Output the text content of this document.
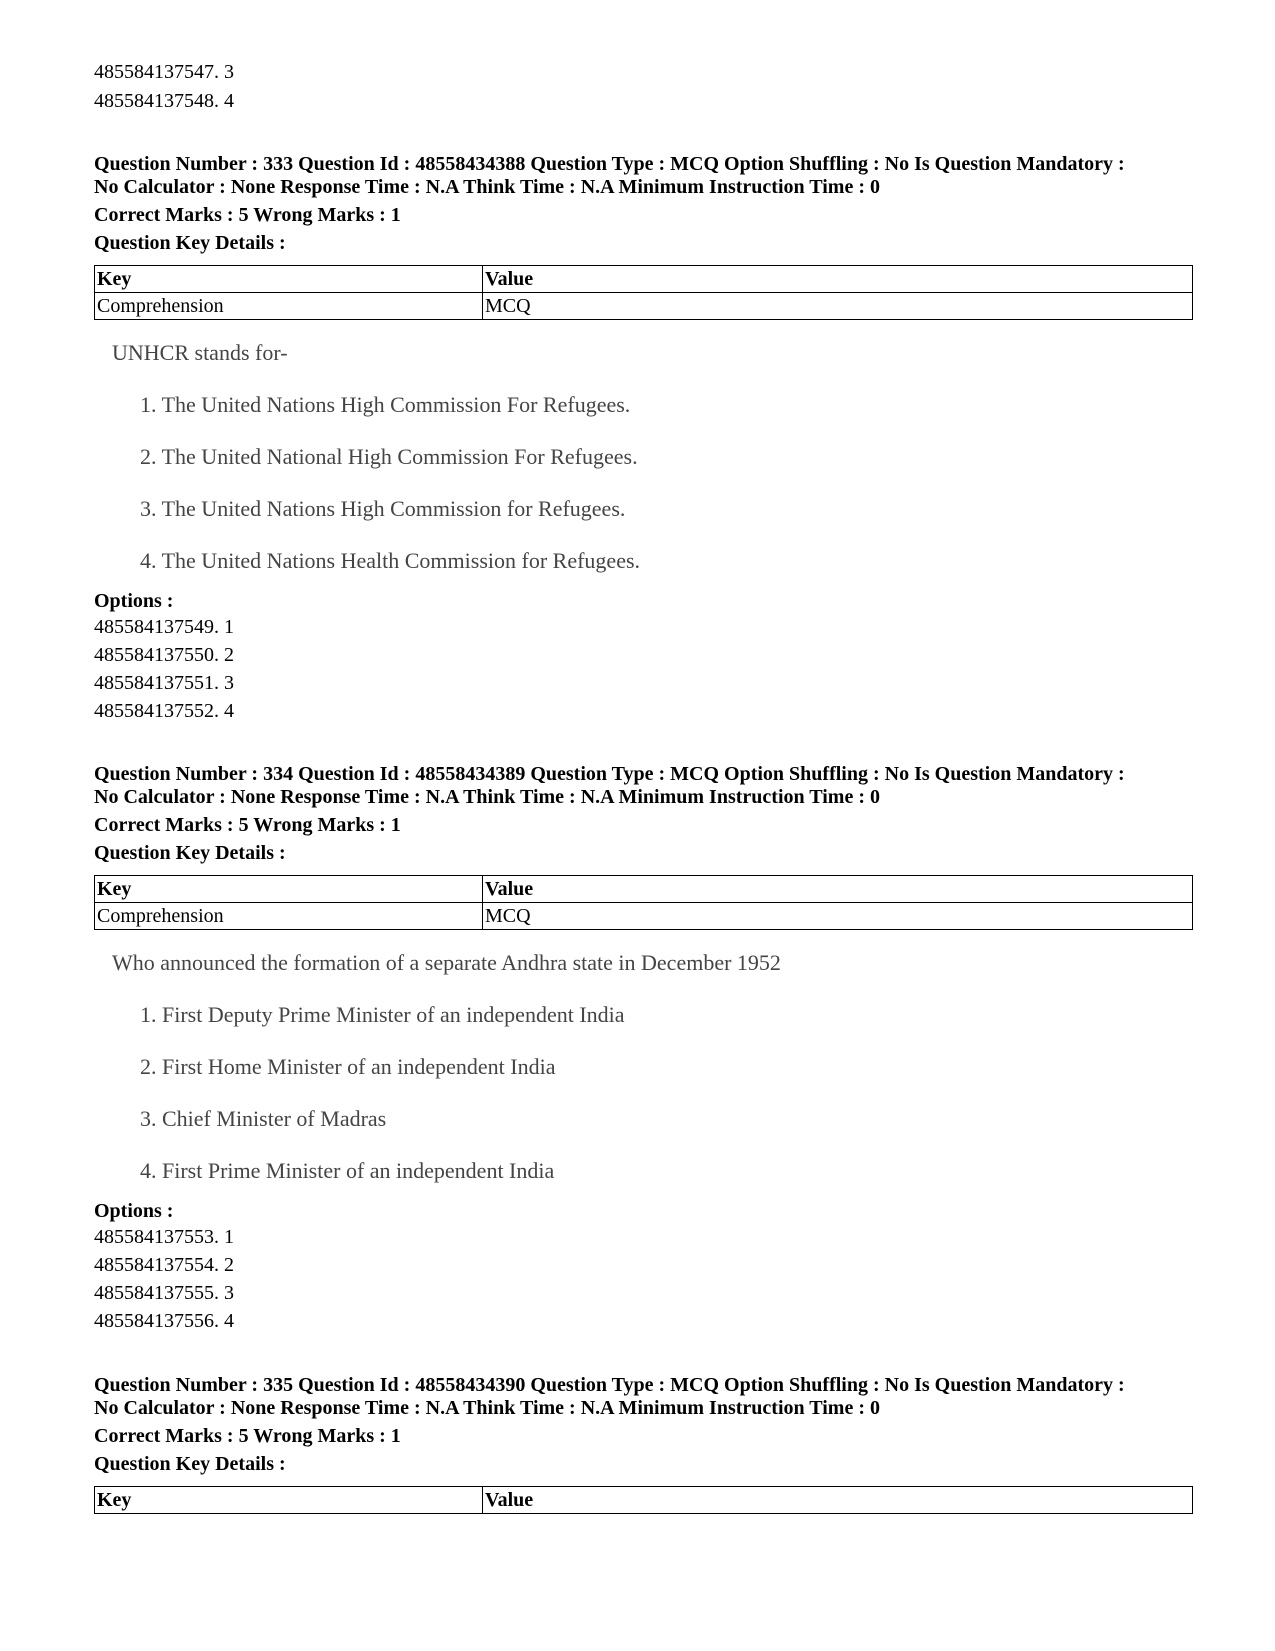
485584137547. 3

485584137548. 4

Question Number : 333 Question Id : 48558434388 Question Type : MCQ Option Shuffling : No Is Question Mandatory :

No Calculator : None Response Time : N.A Think Time : N.A Minimum Instruction Time : 0

Correct Marks : 5 Wrong Marks : 1

Question Key Details :

Key	Value
Comprehension	MCQ
UNHCR stands for-
1. The United Nations High Commission For Refugees.
2. The United National High Commission For Refugees.
3. The United Nations High Commission for Refugees.
4. The United Nations Health Commission for Refugees.

Options :

485584137549. 1

485584137550. 2

485584137551. 3

485584137552. 4

Question Number : 334 Question Id : 48558434389 Question Type : MCQ Option Shuffling : No Is Question Mandatory :

No Calculator : None Response Time : N.A Think Time : N.A Minimum Instruction Time : 0

Correct Marks : 5 Wrong Marks : 1

Question Key Details :

Key	Value
Comprehension	MCQ
Who announced the formation of a separate Andhra state in December 1952
1. First Deputy Prime Minister of an independent India
2. First Home Minister of an independent India
3. Chief Minister of Madras
4. First Prime Minister of an independent India

Options :

485584137553. 1

485584137554. 2

485584137555. 3

485584137556. 4

Question Number : 335 Question Id : 48558434390 Question Type : MCQ Option Shuffling : No Is Question Mandatory :

No Calculator : None Response Time : N.A Think Time : N.A Minimum Instruction Time : 0

Correct Marks : 5 Wrong Marks : 1

Question Key Details :

Key	Value
